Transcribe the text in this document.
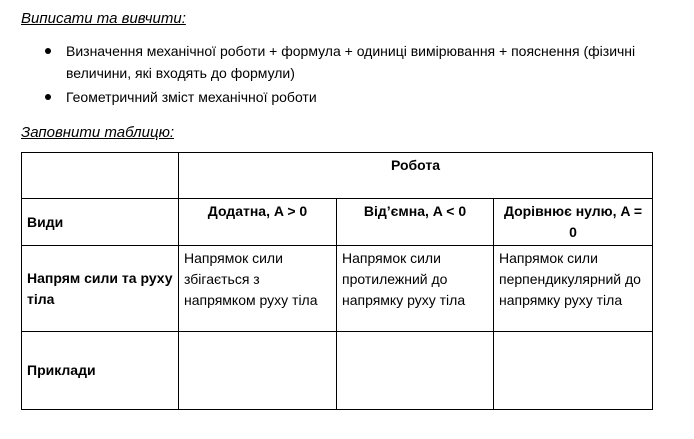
Виписати та вивчити:
Визначення механічної роботи + формула + одиниці вимірювання + пояснення (фізичні величини, які входять до формули)
Геометричний зміст механічної роботи
Заповнити таблицю:
	Робота		
Види	Додатна, A > 0	Від’ємна, A < 0	Дорівнює нулю, A = 0
Напрям сили та руху тіла	Напрямок сили збігається з напрямком руху тіла	Напрямок сили протилежний до напрямку руху тіла	Напрямок сили перпендикулярний до напрямку руху тіла
Приклади			
